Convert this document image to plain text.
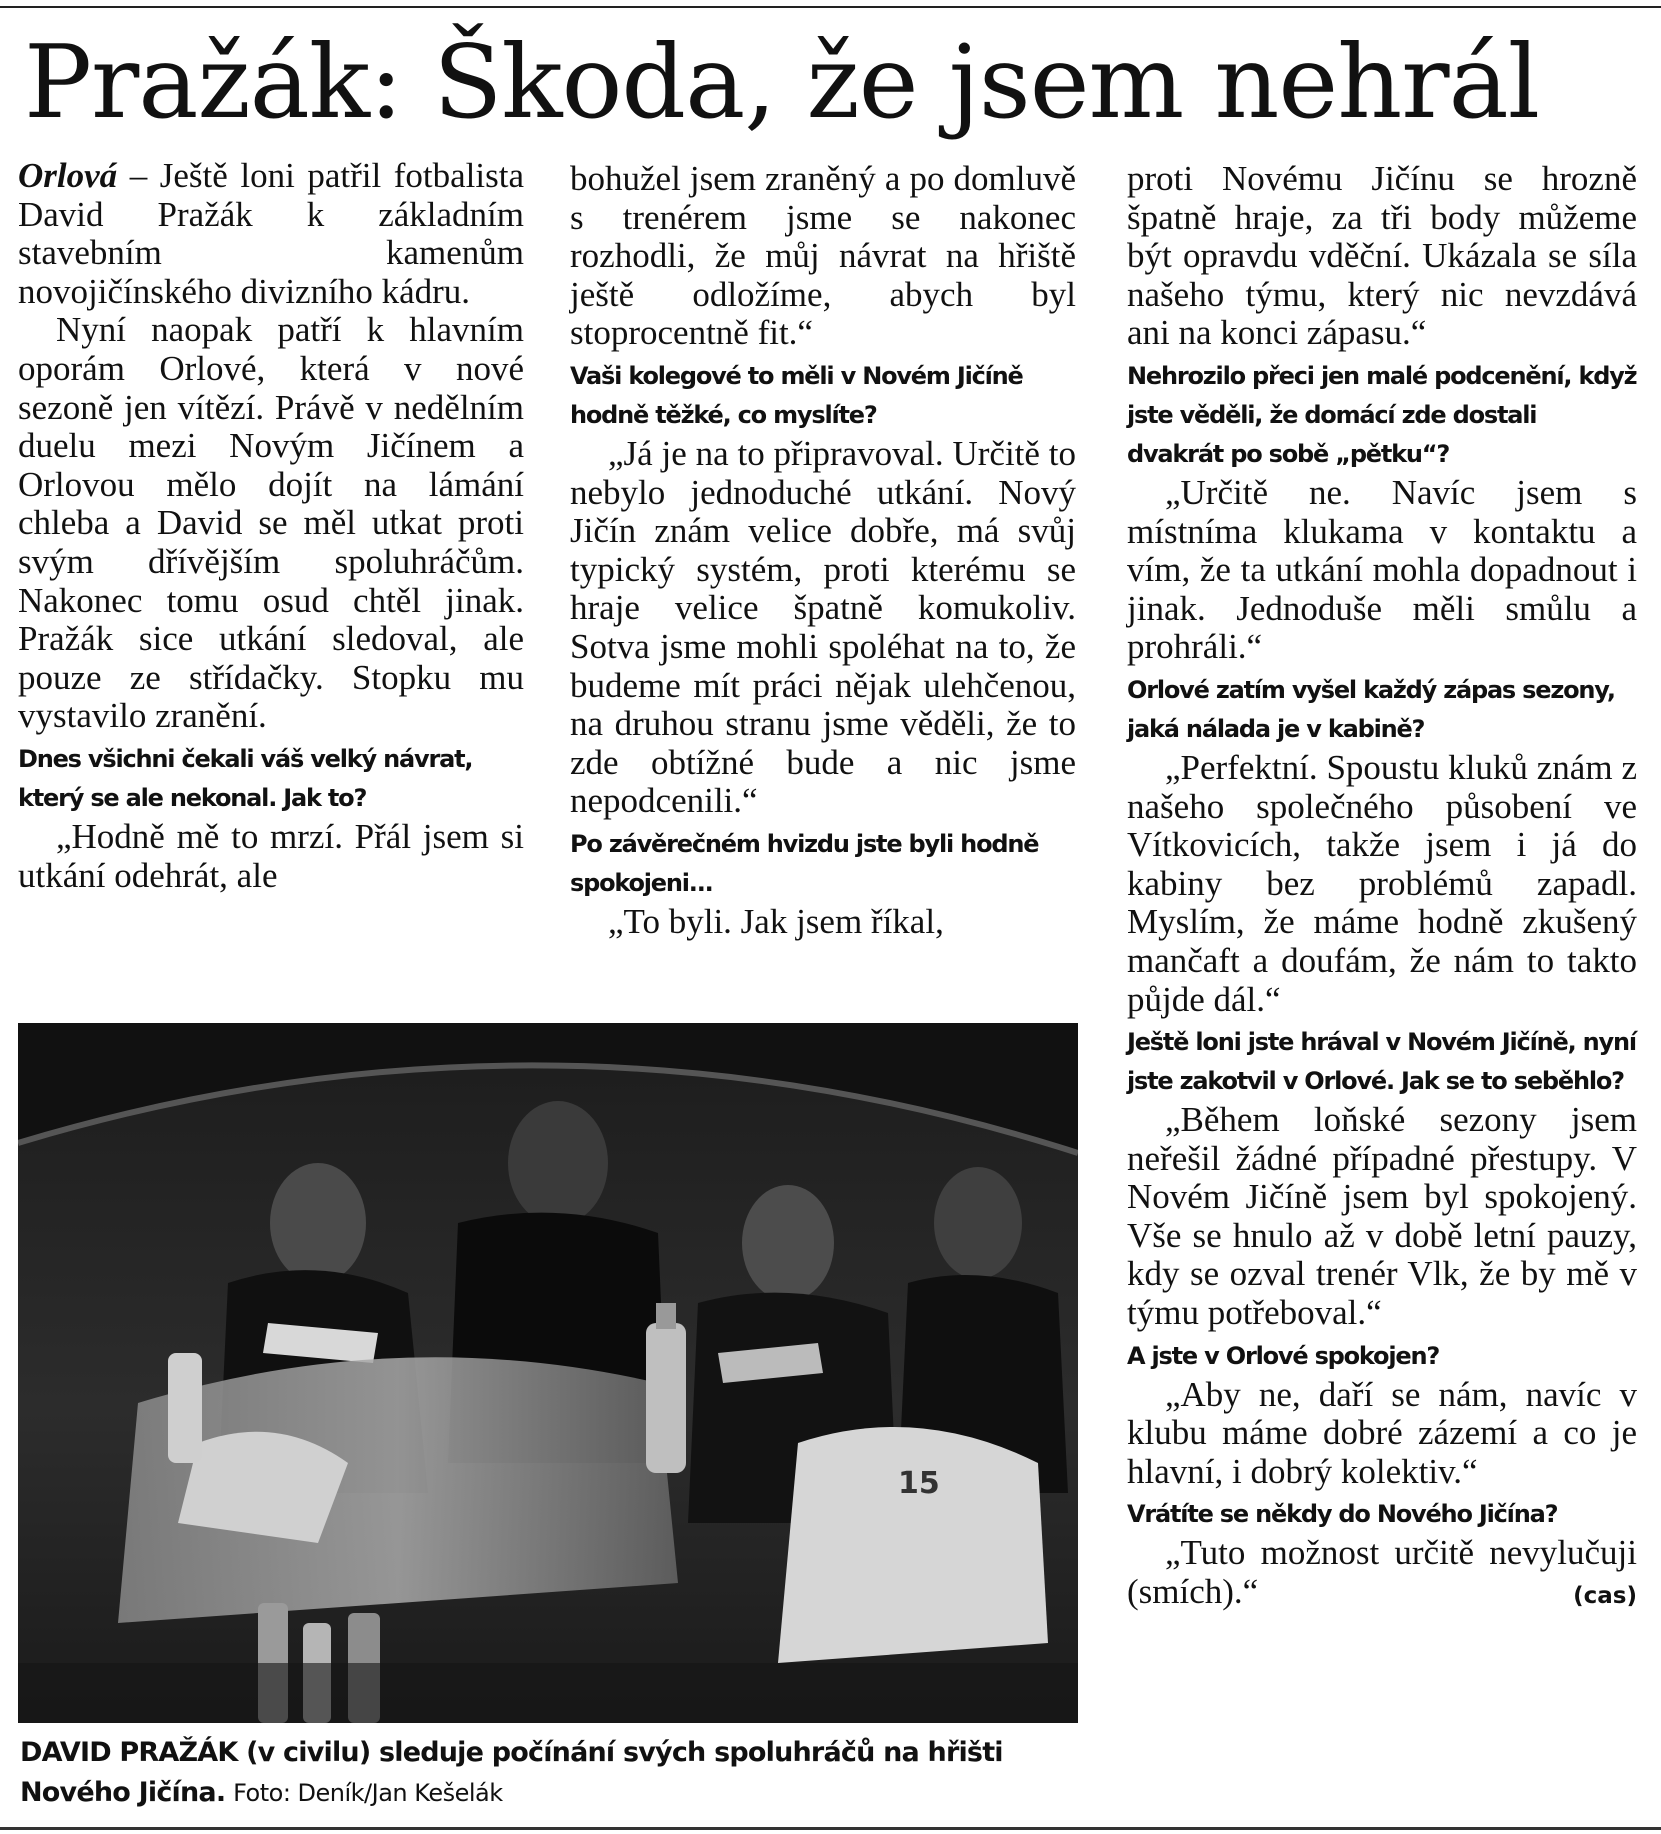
Pražák: Škoda, že jsem nehrál

Orlová – Ještě loni patřil fotbalista David Pražák k základním stavebním kamenům novojičínského divizního kádru.

Nyní naopak patří k hlavním oporám Orlové, která v nové sezoně jen vítězí. Právě v nedělním duelu mezi Novým Jičínem a Orlovou mělo dojít na lámání chleba a David se měl utkat proti svým dřívějším spoluhráčům. Nakonec tomu osud chtěl jinak. Pražák sice utkání sledoval, ale pouze ze střídačky. Stopku mu vystavilo zranění.

Dnes všichni čekali váš velký návrat, který se ale nekonal. Jak to?

„Hodně mě to mrzí. Přál jsem si utkání odehrát, ale

bohužel jsem zraněný a po domluvě s trenérem jsme se nakonec rozhodli, že můj návrat na hřiště ještě odložíme, abych byl stoprocentně fit.“

Vaši kolegové to měli v Novém Jičíně hodně těžké, co myslíte?

„Já je na to připravoval. Určitě to nebylo jednoduché utkání. Nový Jičín znám velice dobře, má svůj typický systém, proti kterému se hraje velice špatně komukoliv. Sotva jsme mohli spoléhat na to, že budeme mít práci nějak ulehčenou, na druhou stranu jsme věděli, že to zde obtížné bude a nic jsme nepodcenili.“

Po závěrečném hvizdu jste byli hodně spokojeni...

„To byli. Jak jsem říkal,

proti Novému Jičínu se hrozně špatně hraje, za tři body můžeme být opravdu vděční. Ukázala se síla našeho týmu, který nic nevzdává ani na konci zápasu.“

Nehrozilo přeci jen malé podcenění, když jste věděli, že domácí zde dostali dvakrát po sobě „pětku“?

„Určitě ne. Navíc jsem s místníma klukama v kontaktu a vím, že ta utkání mohla dopadnout i jinak. Jednoduše měli smůlu a prohráli.“

Orlové zatím vyšel každý zápas sezony, jaká nálada je v kabině?

„Perfektní. Spoustu kluků znám z našeho společného působení ve Vítkovicích, takže jsem i já do kabiny bez problémů zapadl. Myslím, že máme hodně zkušený mančaft a doufám, že nám to takto půjde dál.“

Ještě loni jste hrával v Novém Jičíně, nyní jste zakotvil v Orlové. Jak se to seběhlo?

„Během loňské sezony jsem neřešil žádné případné přestupy. V Novém Jičíně jsem byl spokojený. Vše se hnulo až v době letní pauzy, kdy se ozval trenér Vlk, že by mě v týmu potřeboval.“

A jste v Orlové spokojen?

„Aby ne, daří se nám, navíc v klubu máme dobré zázemí a co je hlavní, i dobrý kolektiv.“

Vrátíte se někdy do Nového Jičína?

„Tuto možnost určitě nevylučuji (smích).“	(cas)

15
DAVID PRAŽÁK (v civilu) sleduje počínání svých spoluhráčů na hřišti Nového Jičína. Foto: Deník/Jan Kešelák
